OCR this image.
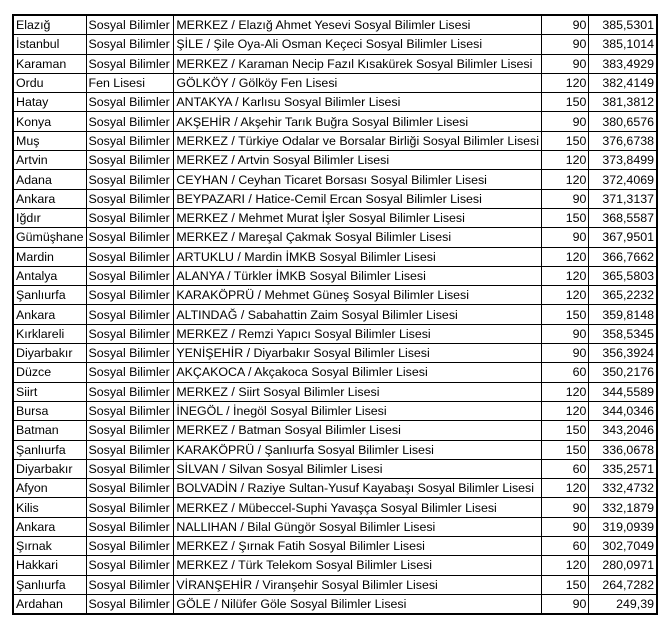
Elazığ	Sosyal Bilimler	MERKEZ / Elazığ Ahmet Yesevi Sosyal Bilimler Lisesi	90	385,5301
İstanbul	Sosyal Bilimler	ŞİLE / Şile Oya-Ali Osman Keçeci Sosyal Bilimler Lisesi	90	385,1014
Karaman	Sosyal Bilimler	MERKEZ / Karaman Necip Fazıl Kısakürek Sosyal Bilimler Lisesi	90	383,4929
Ordu	Fen Lisesi	GÖLKÖY / Gölköy Fen Lisesi	120	382,4149
Hatay	Sosyal Bilimler	ANTAKYA / Karlısu Sosyal Bilimler Lisesi	150	381,3812
Konya	Sosyal Bilimler	AKŞEHİR / Akşehir Tarık Buğra Sosyal Bilimler Lisesi	90	380,6576
Muş	Sosyal Bilimler	MERKEZ / Türkiye Odalar ve Borsalar Birliği Sosyal Bilimler Lisesi	150	376,6738
Artvin	Sosyal Bilimler	MERKEZ / Artvin Sosyal Bilimler Lisesi	120	373,8499
Adana	Sosyal Bilimler	CEYHAN / Ceyhan Ticaret Borsası Sosyal Bilimler Lisesi	120	372,4069
Ankara	Sosyal Bilimler	BEYPAZARI / Hatice-Cemil Ercan Sosyal Bilimler Lisesi	90	371,3137
Iğdır	Sosyal Bilimler	MERKEZ / Mehmet Murat İşler Sosyal Bilimler Lisesi	150	368,5587
Gümüşhane	Sosyal Bilimler	MERKEZ / Mareşal Çakmak Sosyal Bilimler Lisesi	90	367,9501
Mardin	Sosyal Bilimler	ARTUKLU / Mardin İMKB Sosyal Bilimler Lisesi	120	366,7662
Antalya	Sosyal Bilimler	ALANYA / Türkler İMKB Sosyal Bilimler Lisesi	120	365,5803
Şanlıurfa	Sosyal Bilimler	KARAKÖPRÜ / Mehmet Güneş Sosyal Bilimler Lisesi	120	365,2232
Ankara	Sosyal Bilimler	ALTINDAĞ / Sabahattin Zaim Sosyal Bilimler Lisesi	150	359,8148
Kırklareli	Sosyal Bilimler	MERKEZ / Remzi Yapıcı Sosyal Bilimler Lisesi	90	358,5345
Diyarbakır	Sosyal Bilimler	YENİŞEHİR / Diyarbakır Sosyal Bilimler Lisesi	90	356,3924
Düzce	Sosyal Bilimler	AKÇAKOCA / Akçakoca Sosyal Bilimler Lisesi	60	350,2176
Siirt	Sosyal Bilimler	MERKEZ / Siirt Sosyal Bilimler Lisesi	120	344,5589
Bursa	Sosyal Bilimler	İNEGÖL / İnegöl Sosyal Bilimler Lisesi	120	344,0346
Batman	Sosyal Bilimler	MERKEZ / Batman Sosyal Bilimler Lisesi	150	343,2046
Şanlıurfa	Sosyal Bilimler	KARAKÖPRÜ / Şanlıurfa Sosyal Bilimler Lisesi	150	336,0678
Diyarbakır	Sosyal Bilimler	SİLVAN / Silvan Sosyal Bilimler Lisesi	60	335,2571
Afyon	Sosyal Bilimler	BOLVADİN / Raziye Sultan-Yusuf Kayabaşı Sosyal Bilimler Lisesi	120	332,4732
Kilis	Sosyal Bilimler	MERKEZ / Mübeccel-Suphi Yavaşça Sosyal Bilimler Lisesi	90	332,1879
Ankara	Sosyal Bilimler	NALLIHAN / Bilal Güngör Sosyal Bilimler Lisesi	90	319,0939
Şırnak	Sosyal Bilimler	MERKEZ / Şırnak Fatih Sosyal Bilimler Lisesi	60	302,7049
Hakkari	Sosyal Bilimler	MERKEZ / Türk Telekom Sosyal Bilimler Lisesi	120	280,0971
Şanlıurfa	Sosyal Bilimler	VİRANŞEHİR / Viranşehir Sosyal Bilimler Lisesi	150	264,7282
Ardahan	Sosyal Bilimler	GÖLE / Nilüfer Göle Sosyal Bilimler Lisesi	90	249,39
